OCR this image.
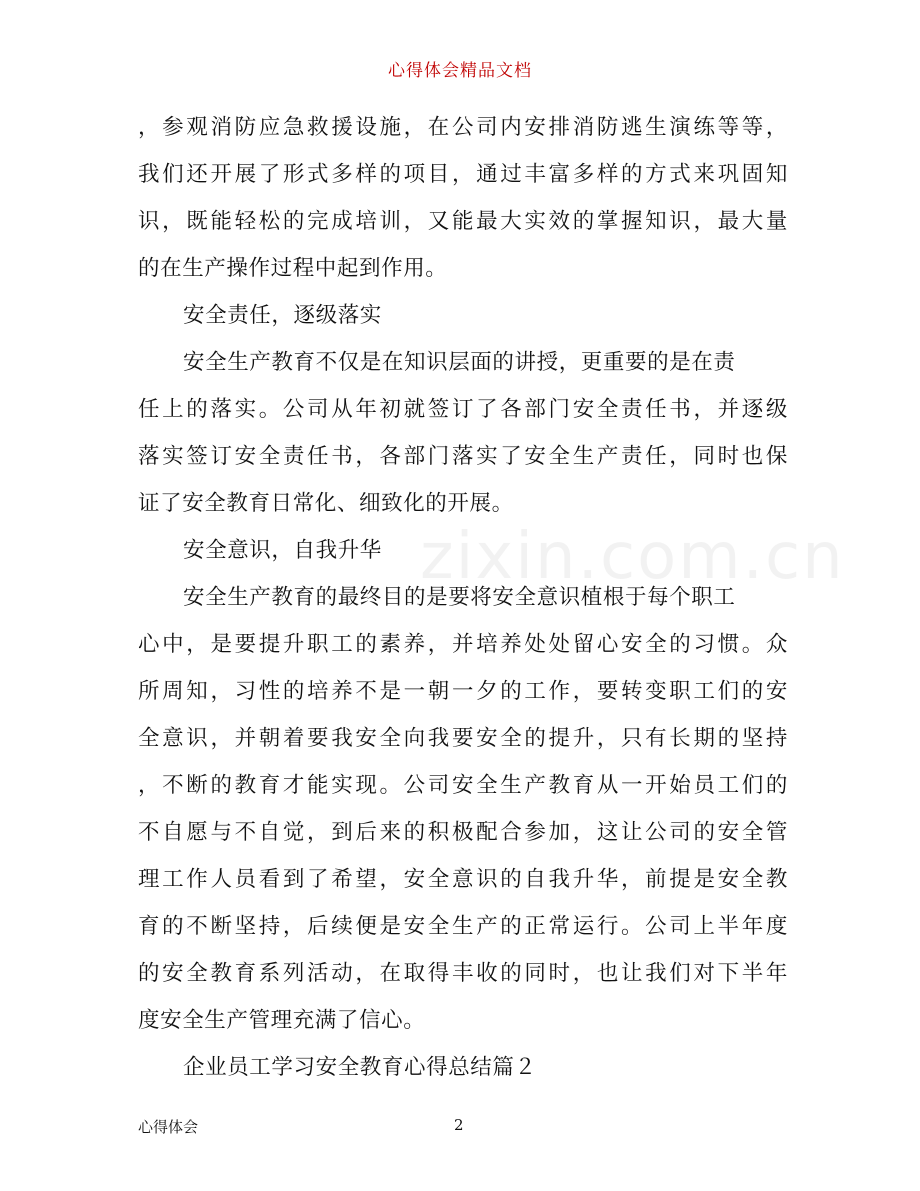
心得体会精品文档
zixin.com.cn
，参观消防应急救援设施，在公司内安排消防逃生演练等等，
我们还开展了形式多样的项目，通过丰富多样的方式来巩固知
识，既能轻松的完成培训，又能最大实效的掌握知识，最大量
的在生产操作过程中起到作用。
安全责任，逐级落实
安全生产教育不仅是在知识层面的讲授，更重要的是在责
任上的落实。公司从年初就签订了各部门安全责任书，并逐级
落实签订安全责任书，各部门落实了安全生产责任，同时也保
证了安全教育日常化、细致化的开展。
安全意识，自我升华
安全生产教育的最终目的是要将安全意识植根于每个职工
心中，是要提升职工的素养，并培养处处留心安全的习惯。众
所周知，习性的培养不是一朝一夕的工作，要转变职工们的安
全意识，并朝着要我安全向我要安全的提升，只有长期的坚持
，不断的教育才能实现。公司安全生产教育从一开始员工们的
不自愿与不自觉，到后来的积极配合参加，这让公司的安全管
理工作人员看到了希望，安全意识的自我升华，前提是安全教
育的不断坚持，后续便是安全生产的正常运行。公司上半年度
的安全教育系列活动，在取得丰收的同时，也让我们对下半年
度安全生产管理充满了信心。
企业员工学习安全教育心得总结篇２
心得体会	2
